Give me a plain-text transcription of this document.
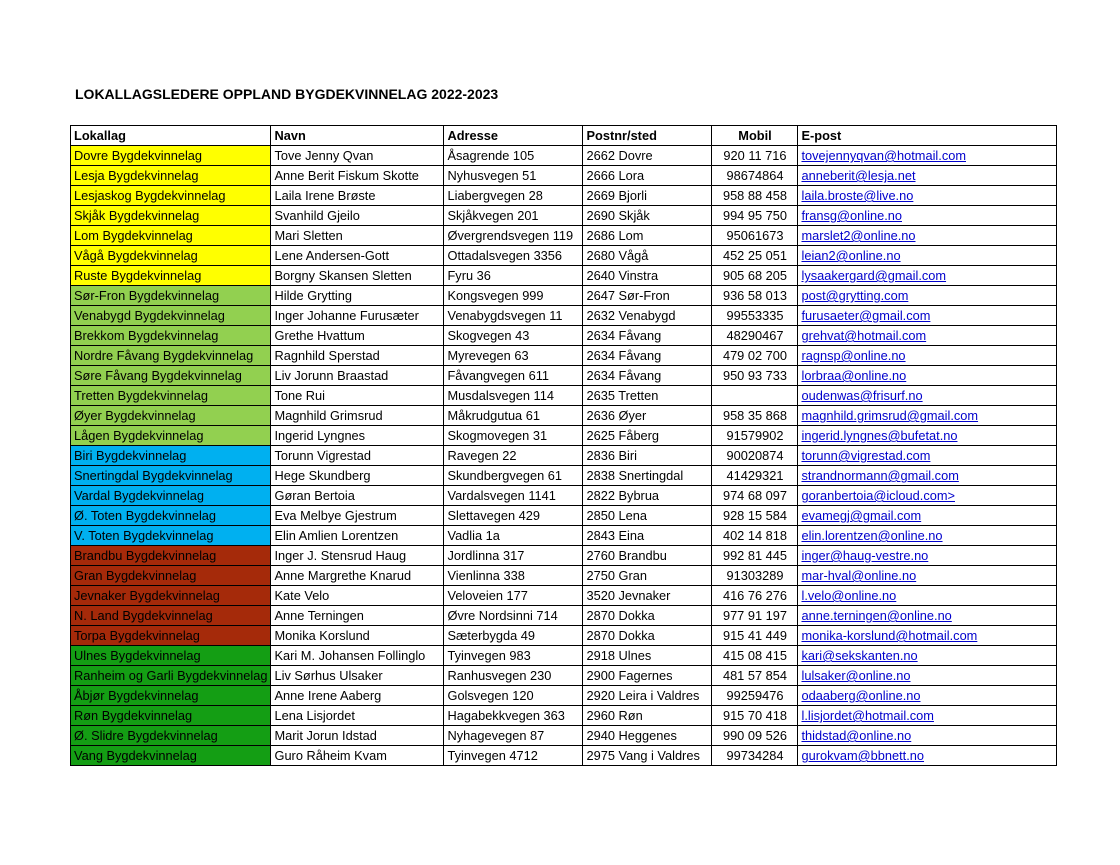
LOKALLAGSLEDERE OPPLAND BYGDEKVINNELAG 2022-2023
Lokallag	Navn	Adresse	Postnr/sted	Mobil	E-post
Dovre Bygdekvinnelag	Tove Jenny Qvan	Åsagrende 105	2662 Dovre	920 11 716	tovejennyqvan@hotmail.com
Lesja Bygdekvinnelag	Anne Berit Fiskum Skotte	Nyhusvegen 51	2666 Lora	98674864	anneberit@lesja.net
Lesjaskog Bygdekvinnelag	Laila Irene Brøste	Liabergvegen 28	2669 Bjorli	958 88 458	laila.broste@live.no
Skjåk Bygdekvinnelag	Svanhild Gjeilo	Skjåkvegen 201	2690 Skjåk	994 95 750	fransg@online.no
Lom Bygdekvinnelag	Mari Sletten	Øvergrendsvegen 119	2686 Lom	95061673	marslet2@online.no
Vågå Bygdekvinnelag	Lene Andersen-Gott	Ottadalsvegen 3356	2680 Vågå	452 25 051	leian2@online.no
Ruste Bygdekvinnelag	Borgny Skansen Sletten	Fyru 36	2640 Vinstra	905 68 205	lysaakergard@gmail.com
Sør-Fron Bygdekvinnelag	Hilde Grytting	Kongsvegen 999	2647 Sør-Fron	936 58 013	post@grytting.com
Venabygd Bygdekvinnelag	Inger Johanne Furusæter	Venabygdsvegen 11	2632 Venabygd	99553335	furusaeter@gmail.com
Brekkom Bygdekvinnelag	Grethe Hvattum	Skogvegen 43	2634 Fåvang	48290467	grehvat@hotmail.com
Nordre Fåvang Bygdekvinnelag	Ragnhild Sperstad	Myrevegen 63	2634 Fåvang	479 02 700	ragnsp@online.no
Søre Fåvang Bygdekvinnelag	Liv Jorunn Braastad	Fåvangvegen 611	2634 Fåvang	950 93 733	lorbraa@online.no
Tretten Bygdekvinnelag	Tone Rui	Musdalsvegen 114	2635 Tretten		oudenwas@frisurf.no
Øyer Bygdekvinnelag	Magnhild Grimsrud	Måkrudgutua 61	2636 Øyer	958 35 868	magnhild.grimsrud@gmail.com
Lågen Bygdekvinnelag	Ingerid Lyngnes	Skogmovegen 31	2625 Fåberg	91579902	ingerid.lyngnes@bufetat.no
Biri Bygdekvinnelag	Torunn Vigrestad	Ravegen 22	2836 Biri	90020874	torunn@vigrestad.com
Snertingdal Bygdekvinnelag	Hege Skundberg	Skundbergvegen 61	2838 Snertingdal	41429321	strandnormann@gmail.com
Vardal Bygdekvinnelag	Gøran Bertoia	Vardalsvegen 1141	2822 Bybrua	974 68 097	goranbertoia@icloud.com>
Ø. Toten Bygdekvinnelag	Eva Melbye Gjestrum	Slettavegen 429	2850 Lena	928 15 584	evamegj@gmail.com
V. Toten Bygdekvinnelag	Elin Amlien Lorentzen	Vadlia 1a	2843 Eina	402 14 818	elin.lorentzen@online.no
Brandbu Bygdekvinnelag	Inger J. Stensrud Haug	Jordlinna 317	2760 Brandbu	992 81 445	inger@haug-vestre.no
Gran Bygdekvinnelag	Anne Margrethe Knarud	Vienlinna 338	2750 Gran	91303289	mar-hval@online.no
Jevnaker Bygdekvinnelag	Kate Velo	Veloveien 177	3520 Jevnaker	416 76 276	l.velo@online.no
N. Land Bygdekvinnelag	Anne Terningen	Øvre Nordsinni 714	2870 Dokka	977 91 197	anne.terningen@online.no
Torpa Bygdekvinnelag	Monika Korslund	Sæterbygda 49	2870 Dokka	915 41 449	monika-korslund@hotmail.com
Ulnes Bygdekvinnelag	Kari M. Johansen Follinglo	Tyinvegen 983	2918 Ulnes	415 08 415	kari@sekskanten.no
Ranheim og Garli Bygdekvinnelag	Liv Sørhus Ulsaker	Ranhusvegen 230	2900 Fagernes	481 57 854	lulsaker@online.no
Åbjør Bygdekvinnelag	Anne Irene Aaberg	Golsvegen 120	2920 Leira i Valdres	99259476	odaaberg@online.no
Røn Bygdekvinnelag	Lena Lisjordet	Hagabekkvegen 363	2960 Røn	915 70 418	l.lisjordet@hotmail.com
Ø. Slidre Bygdekvinnelag	Marit Jorun Idstad	Nyhagevegen 87	2940 Heggenes	990 09 526	thidstad@online.no
Vang Bygdekvinnelag	Guro Råheim Kvam	Tyinvegen 4712	2975 Vang i Valdres	99734284	gurokvam@bbnett.no
